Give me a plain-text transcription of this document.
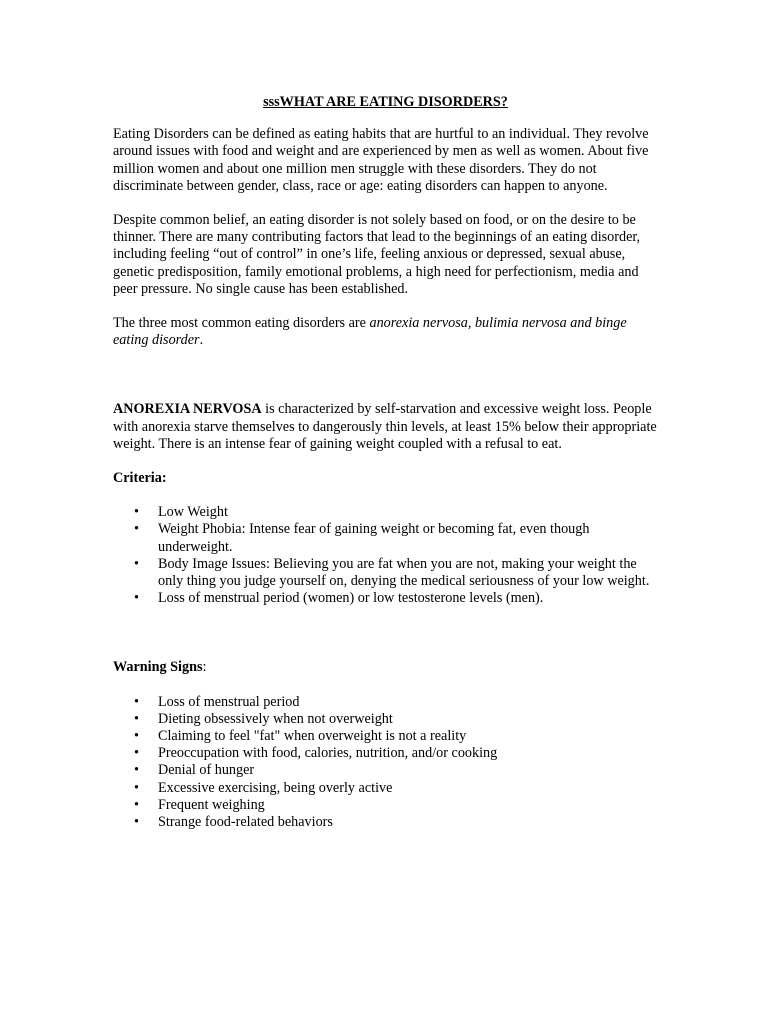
sssWHAT ARE EATING DISORDERS?

Eating Disorders can be defined as eating habits that are hurtful to an individual. They revolve around issues with food and weight and are experienced by men as well as women. About five million women and about one million men struggle with these disorders. They do not discriminate between gender, class, race or age: eating disorders can happen to anyone.

Despite common belief, an eating disorder is not solely based on food, or on the desire to be thinner. There are many contributing factors that lead to the beginnings of an eating disorder, including feeling “out of control” in one’s life, feeling anxious or depressed, sexual abuse, genetic predisposition, family emotional problems, a high need for perfectionism, media and peer pressure. No single cause has been established.

The three most common eating disorders are anorexia nervosa, bulimia nervosa and binge eating disorder.

ANOREXIA NERVOSA is characterized by self-starvation and excessive weight loss. People with anorexia starve themselves to dangerously thin levels, at least 15% below their appropriate weight. There is an intense fear of gaining weight coupled with a refusal to eat.

Criteria:

• Low Weight
• Weight Phobia: Intense fear of gaining weight or becoming fat, even though underweight.
• Body Image Issues: Believing you are fat when you are not, making your weight the only thing you judge yourself on, denying the medical seriousness of your low weight.
• Loss of menstrual period (women) or low testosterone levels (men).

Warning Signs:

• Loss of menstrual period
• Dieting obsessively when not overweight
• Claiming to feel "fat" when overweight is not a reality
• Preoccupation with food, calories, nutrition, and/or cooking
• Denial of hunger
• Excessive exercising, being overly active
• Frequent weighing
• Strange food-related behaviors
